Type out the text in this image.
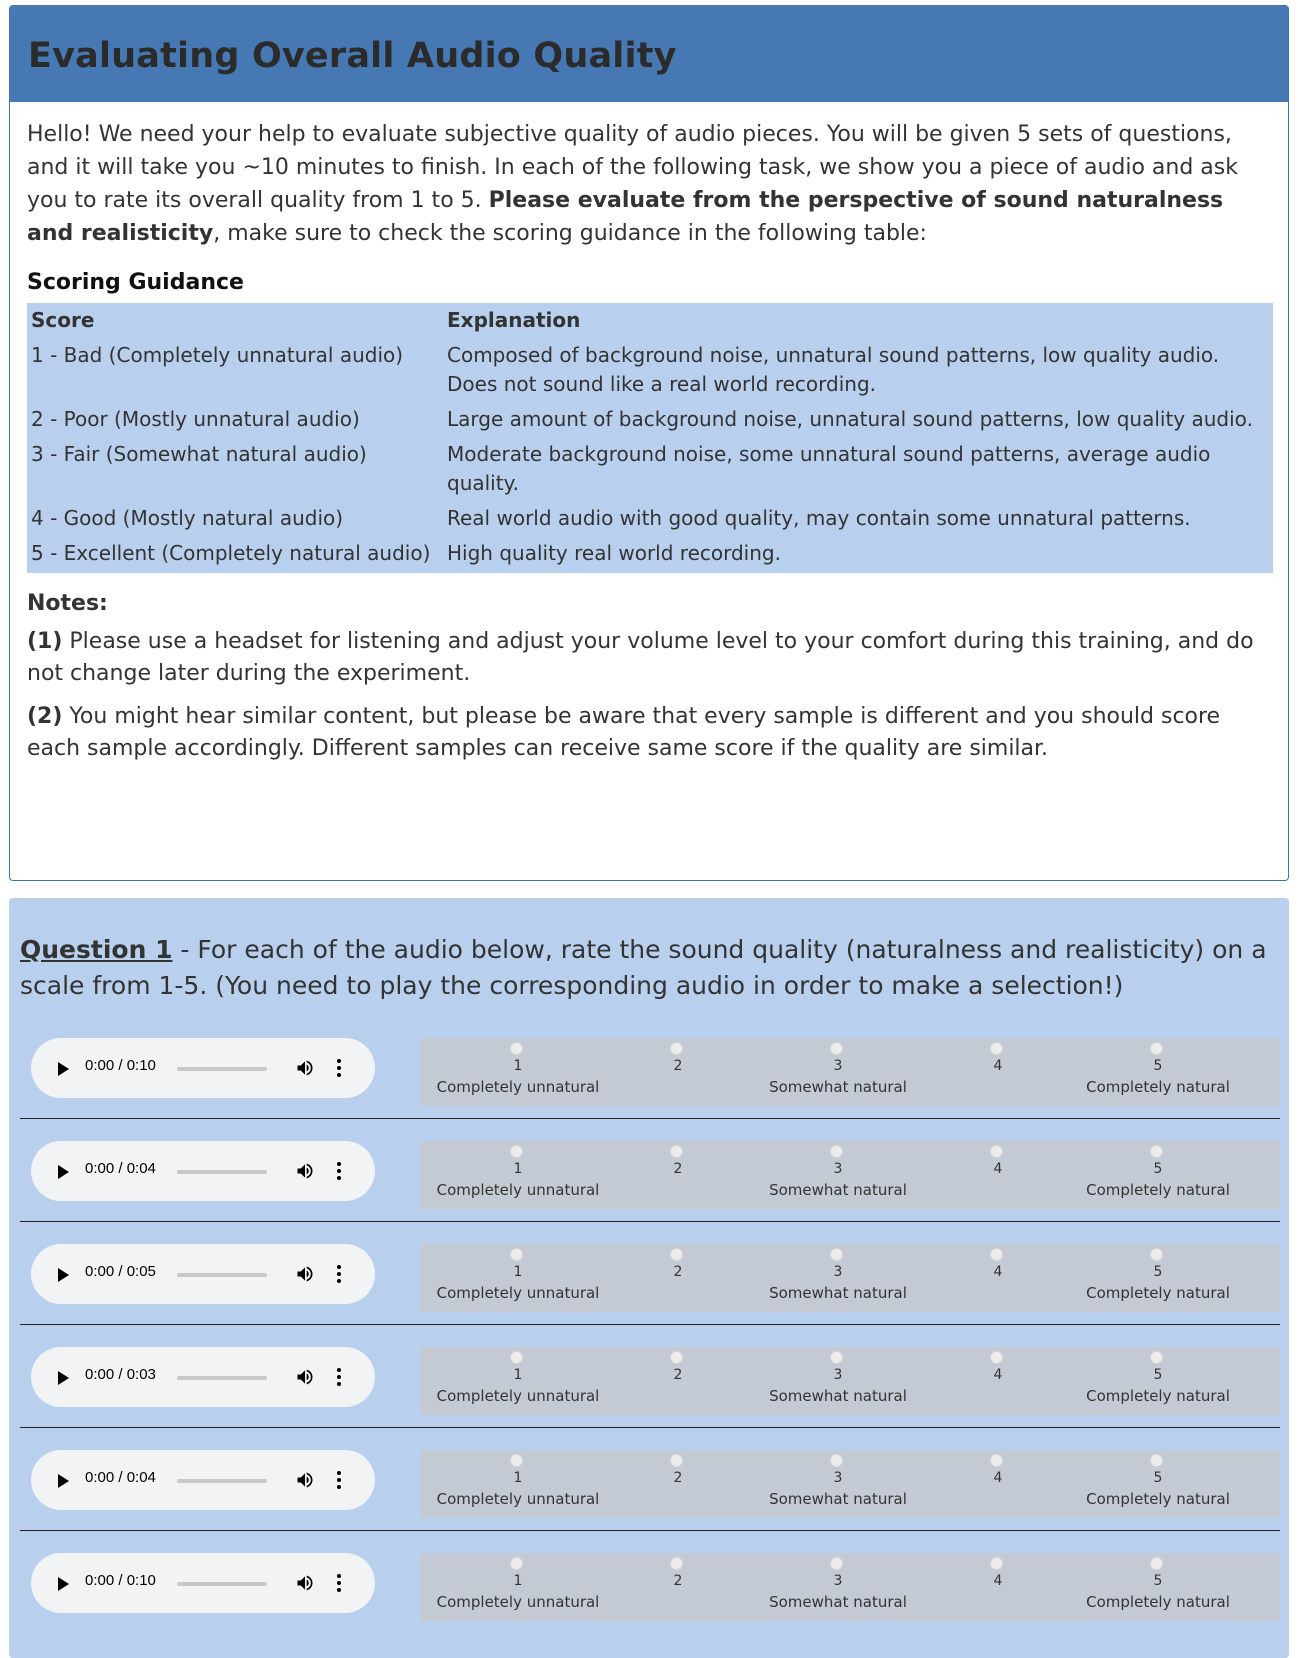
Evaluating Overall Audio Quality

Hello! We need your help to evaluate subjective quality of audio pieces. You will be given 5 sets of questions, and it will take you ~10 minutes to finish. In each of the following task, we show you a piece of audio and ask you to rate its overall quality from 1 to 5. Please evaluate from the perspective of sound naturalness and realisticity, make sure to check the scoring guidance in the following table:

Scoring Guidance
Score	Explanation
1 - Bad (Completely unnatural audio)	Composed of background noise, unnatural sound patterns, low quality audio. Does not sound like a real world recording.
2 - Poor (Mostly unnatural audio)	Large amount of background noise, unnatural sound patterns, low quality audio.
3 - Fair (Somewhat natural audio)	Moderate background noise, some unnatural sound patterns, average audio quality.
4 - Good (Mostly natural audio)	Real world audio with good quality, may contain some unnatural patterns.
5 - Excellent (Completely natural audio)	High quality real world recording.
Notes:

(1) Please use a headset for listening and adjust your volume level to your comfort during this training, and do not change later during the experiment.

(2) You might hear similar content, but please be aware that every sample is different and you should score each sample accordingly. Different samples can receive same score if the quality are similar.

Question 1 - For each of the audio below, rate the sound quality (naturalness and realisticity) on a scale from 1-5. (You need to play the corresponding audio in order to make a selection!)
0:00 / 0:10	1
Completely unnatural
2	3
Somewhat natural
4	5
Completely natural
0:00 / 0:04	1
Completely unnatural
2	3
Somewhat natural
4	5
Completely natural
0:00 / 0:05	1
Completely unnatural
2	3
Somewhat natural
4	5
Completely natural
0:00 / 0:03	1
Completely unnatural
2	3
Somewhat natural
4	5
Completely natural
0:00 / 0:04	1
Completely unnatural
2	3
Somewhat natural
4	5
Completely natural
0:00 / 0:10	1
Completely unnatural
2	3
Somewhat natural
4	5
Completely natural
